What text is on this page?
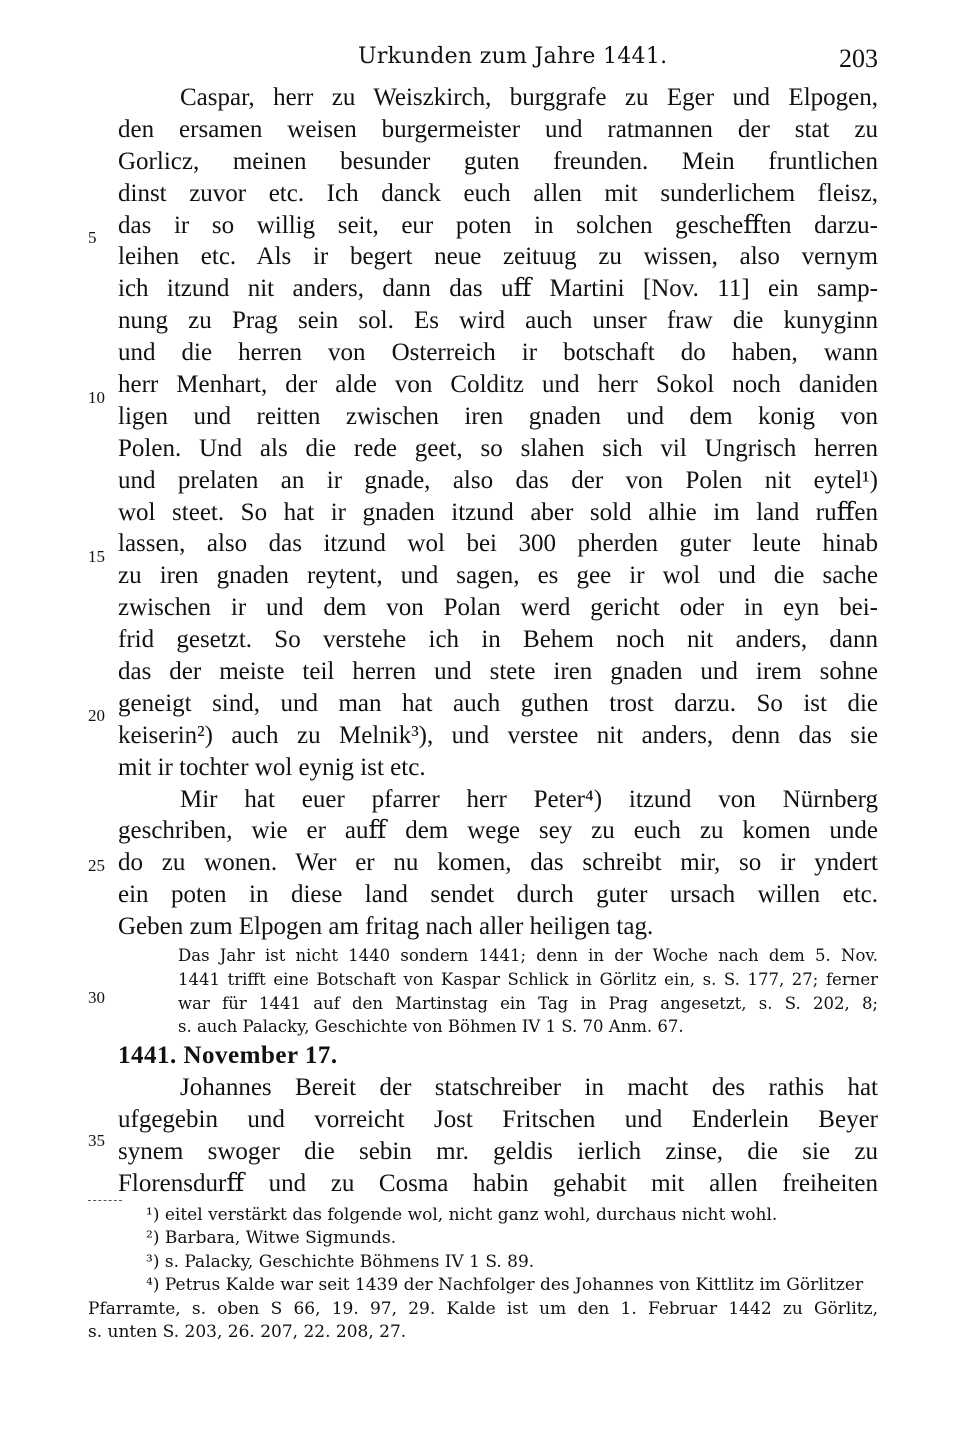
Urkunden zum Jahre 1441.	203
Caspar, herr zu Weiszkirch, burggrafe zu Eger und Elpogen,
den ersamen weisen burgermeister und ratmannen der stat zu
Gorlicz, meinen besunder guten freunden. Mein fruntlichen
dinst zuvor etc. Ich danck euch allen mit sunderlichem fleisz,
das ir so willig seit, eur poten in solchen gescheﬀten darzu-
leihen etc. Als ir begert neue zeituug zu wissen, also vernym
ich itzund nit anders, dann das uﬀ Martini [Nov. 11] ein samp-
nung zu Prag sein sol. Es wird auch unser fraw die kunyginn
und die herren von Osterreich ir botschaft do haben, wann
herr Menhart, der alde von Colditz und herr Sokol noch daniden
ligen und reitten zwischen iren gnaden und dem konig von
Polen. Und als die rede geet, so slahen sich vil Ungrisch herren
und prelaten an ir gnade, also das der von Polen nit eytel¹)
wol steet. So hat ir gnaden itzund aber sold alhie im land ruﬀen
lassen, also das itzund wol bei 300 pherden guter leute hinab
zu iren gnaden reytent, und sagen, es gee ir wol und die sache
zwischen ir und dem von Polan werd gericht oder in eyn bei-
frid gesetzt. So verstehe ich in Behem noch nit anders, dann
das der meiste teil herren und stete iren gnaden und irem sohne
geneigt sind, und man hat auch guthen trost darzu. So ist die
keiserin²) auch zu Melnik³), und verstee nit anders, denn das sie
mit ir tochter wol eynig ist etc.
Mir hat euer pfarrer herr Peter⁴) itzund von Nürnberg
geschriben, wie er auﬀ dem wege sey zu euch zu komen unde
do zu wonen. Wer er nu komen, das schreibt mir, so ir yndert
ein poten in diese land sendet durch guter ursach willen etc.
Geben zum Elpogen am fritag nach aller heiligen tag.
5
10
15
20
25
Das Jahr ist nicht 1440 sondern 1441; denn in der Woche nach dem 5. Nov.
1441 trifft eine Botschaft von Kaspar Schlick in Görlitz ein, s. S. 177, 27; ferner
war für 1441 auf den Martinstag ein Tag in Prag angesetzt, s. S. 202, 8;
s. auch Palacky, Geschichte von Böhmen IV 1 S. 70 Anm. 67.
30
1441. November 17.
Johannes Bereit der statschreiber in macht des rathis hat
ufgegebin und vorreicht Jost Fritschen und Enderlein Beyer
synem swoger die sebin mr. geldis ierlich zinse, die sie zu
Florensdurﬀ und zu Cosma habin gehabit mit allen freiheiten
35
¹) eitel verstärkt das folgende wol, nicht ganz wohl, durchaus nicht wohl.
²) Barbara, Witwe Sigmunds.
³) s. Palacky, Geschichte Böhmens IV 1 S. 89.
⁴) Petrus Kalde war seit 1439 der Nachfolger des Johannes von Kittlitz im Görlitzer
Pfarramte, s. oben S 66, 19. 97, 29. Kalde ist um den 1. Februar 1442 zu Görlitz,
s. unten S. 203, 26. 207, 22. 208, 27.
